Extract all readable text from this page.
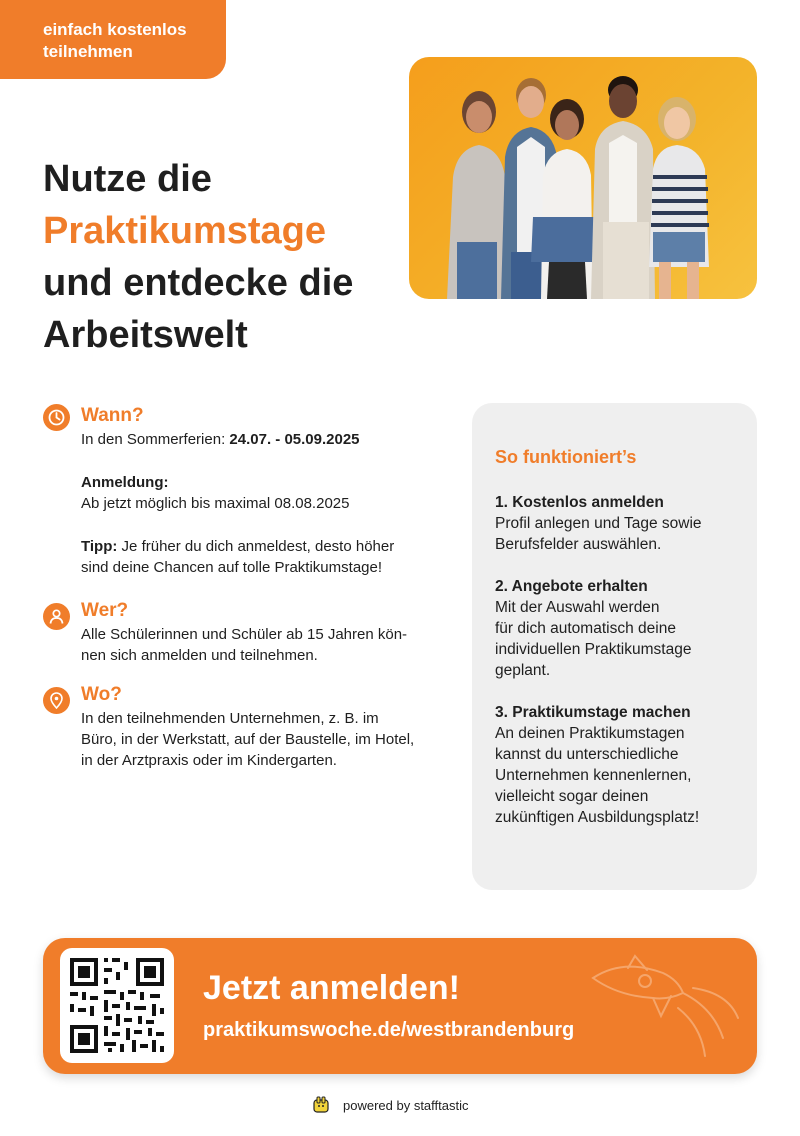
einfach kostenlos
teilnehmen
Nutze die
Praktikumstage
und entdecke die
Arbeitswelt
Wann?

In den Sommerferien: 24.07. - 05.09.2025

Anmeldung:

Ab jetzt möglich bis maximal 08.08.2025

Tipp: Je früher du dich anmeldest, desto höher

sind deine Chancen auf tolle Praktikumstage!

Wer?

Alle Schülerinnen und Schüler ab 15 Jahren kön-

nen sich anmelden und teilnehmen.

Wo?

In den teilnehmenden Unternehmen, z. B. im

Büro, in der Werkstatt, auf der Baustelle, im Hotel,

in der Arztpraxis oder im Kindergarten.

So funktioniert’s
1. Kostenlos anmelden
Profil anlegen und Tage sowie
Berufsfelder auswählen.
2. Angebote erhalten
Mit der Auswahl werden
für dich automatisch deine
individuellen Praktikumstage
geplant.
3. Praktikumstage machen
An deinen Praktikumstagen
kannst du unterschiedliche
Unternehmen kennenlernen,
vielleicht sogar deinen
zukünftigen Ausbildungsplatz!
Jetzt anmelden!
praktikumswoche.de/westbrandenburg
powered by stafftastic
